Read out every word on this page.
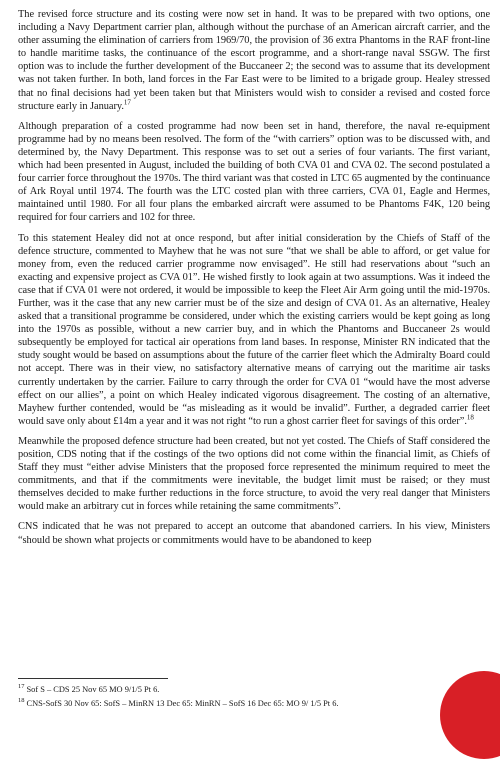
The revised force structure and its costing were now set in hand. It was to be prepared with two options, one including a Navy Department carrier plan, although without the purchase of an American aircraft carrier, and the other assuming the elimination of carriers from 1969/70, the provision of 36 extra Phantoms in the RAF front-line to handle maritime tasks, the continuance of the escort programme, and a short-range naval SSGW. The first option was to include the further development of the Buccaneer 2; the second was to assume that its development was not taken further. In both, land forces in the Far East were to be limited to a brigade group. Healey stressed that no final decisions had yet been taken but that Ministers would wish to consider a revised and costed force structure early in January.$^{17}$

Although preparation of a costed programme had now been set in hand, therefore, the naval re-equipment programme had by no means been resolved. The form of the “with carriers” option was to be discussed with, and determined by, the Navy Department. This response was to set out a series of four variants. The first variant, which had been presented in August, included the building of both CVA 01 and CVA 02. The second postulated a four carrier force throughout the 1970s. The third variant was that costed in LTC 65 augmented by the continuance of Ark Royal until 1974. The fourth was the LTC costed plan with three carriers, CVA 01, Eagle and Hermes, maintained until 1980. For all four plans the embarked aircraft were assumed to be Phantoms F4K, 120 being required for four carriers and 102 for three.

To this statement Healey did not at once respond, but after initial consideration by the Chiefs of Staff of the defence structure, commented to Mayhew that he was not sure “that we shall be able to afford, or get value for money from, even the reduced carrier programme now envisaged”. He still had reservations about “such an exacting and expensive project as CVA 01”. He wished firstly to look again at two assumptions. Was it indeed the case that if CVA 01 were not ordered, it would be impossible to keep the Fleet Air Arm going until the mid-1970s. Further, was it the case that any new carrier must be of the size and design of CVA 01. As an alternative, Healey asked that a transitional programme be considered, under which the existing carriers would be kept going as long into the 1970s as possible, without a new carrier buy, and in which the Phantoms and Buccaneer 2s would subsequently be employed for tactical air operations from land bases. In response, Minister RN indicated that the study sought would be based on assumptions about the future of the carrier fleet which the Admiralty Board could not accept. There was in their view, no satisfactory alternative means of carrying out the maritime air tasks currently undertaken by the carrier. Failure to carry through the order for CVA 01 “would have the most adverse effect on our allies”, a point on which Healey indicated vigorous disagreement. The costing of an alternative, Mayhew further contended, would be “as misleading as it would be invalid”. Further, a degraded carrier fleet would save only about £14m a year and it was not right “to run a ghost carrier fleet for savings of this order”.$^{18}$

Meanwhile the proposed defence structure had been created, but not yet costed. The Chiefs of Staff considered the position, CDS noting that if the costings of the two options did not come within the financial limit, as Chiefs of Staff they must “either advise Ministers that the proposed force represented the minimum required to meet the commitments, and that if the commitments were inevitable, the budget limit must be raised; or they must themselves decided to make further reductions in the force structure, to avoid the very real danger that Ministers would make an arbitrary cut in forces while retaining the same commitments”.

CNS indicated that he was not prepared to accept an outcome that abandoned carriers. In his view, Ministers “should be shown what projects or commitments would have to be abandoned to keep

$^{17}$ Sof S – CDS 25 Nov 65 MO 9/1/5 Pt 6.

$^{18}$ CNS-SofS 30 Nov 65: SofS – MinRN 13 Dec 65: MinRN – SofS 16 Dec 65: MO 9/ 1/5 Pt 6.
